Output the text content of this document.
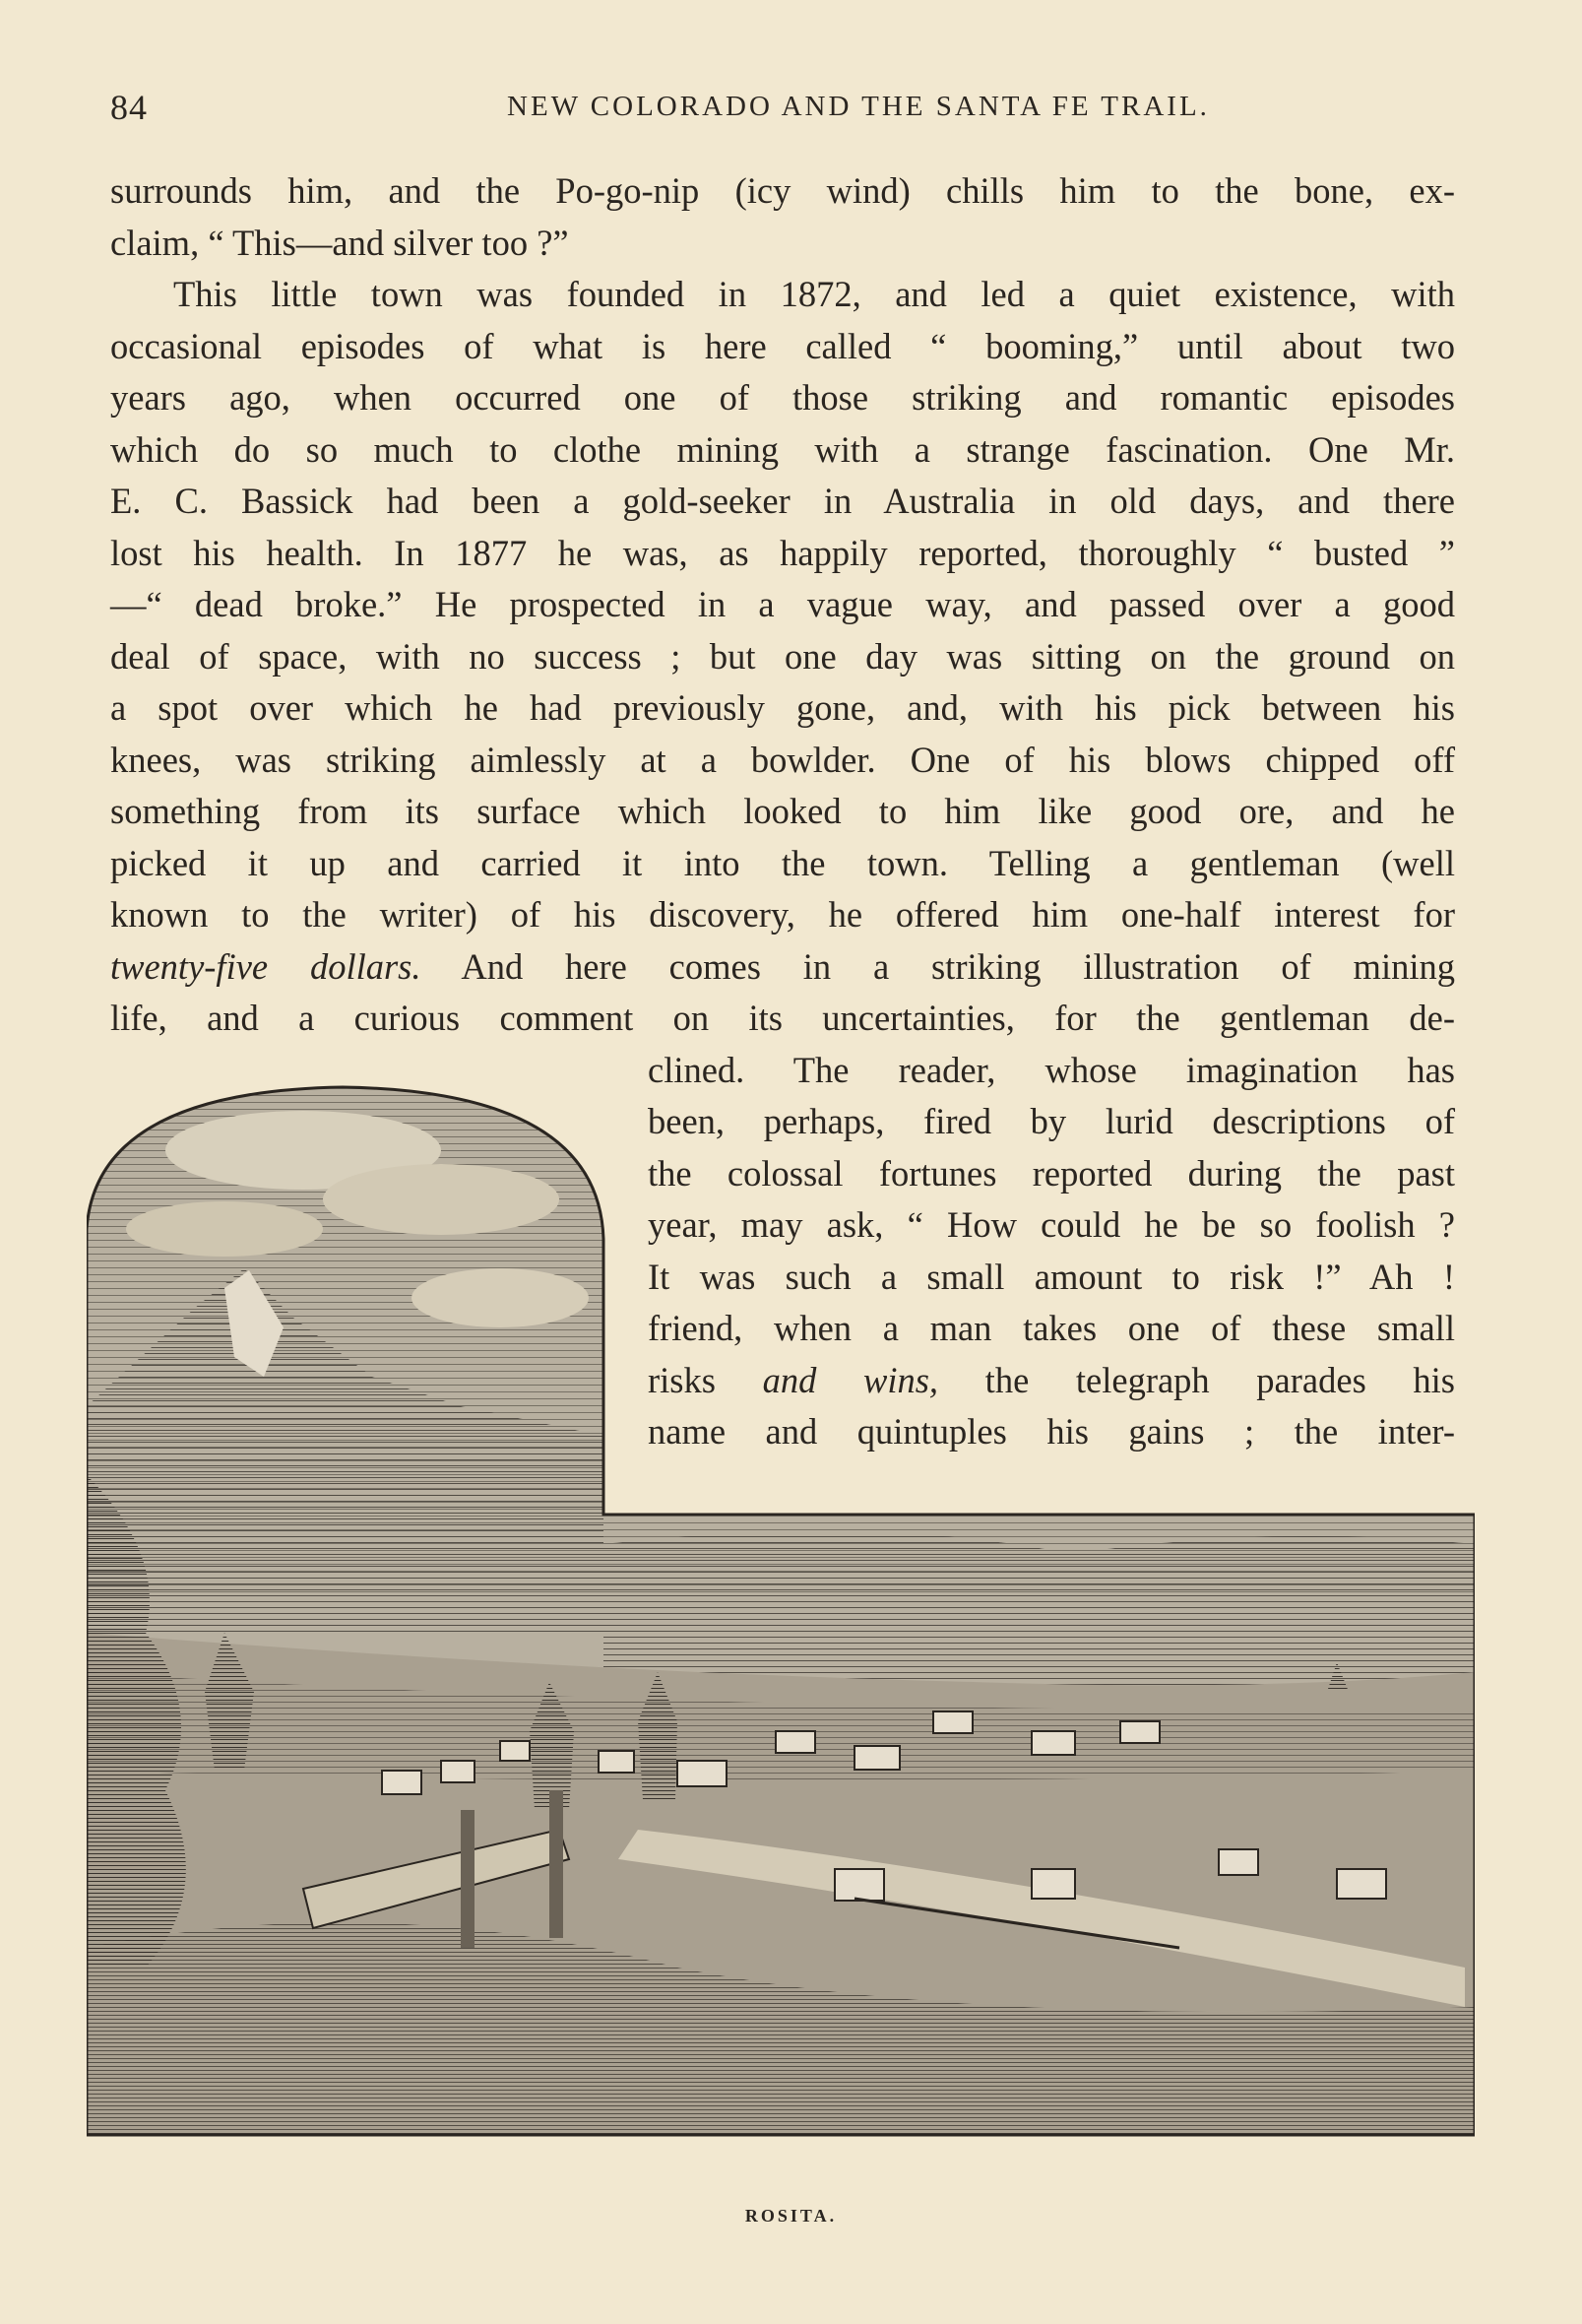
84	NEW COLORADO AND THE SANTA FE TRAIL.
surrounds him, and the Po-go-nip (icy wind) chills him to the bone, ex-
claim, “ This—and silver too ?”
This little town was founded in 1872, and led a quiet existence, with
occasional episodes of what is here called “ booming,” until about two
years ago, when occurred one of those striking and romantic episodes
which do so much to clothe mining with a strange fascination. One Mr.
E. C. Bassick had been a gold-seeker in Australia in old days, and there
lost his health. In 1877 he was, as happily reported, thoroughly “ busted ”
—“ dead broke.” He prospected in a vague way, and passed over a good
deal of space, with no success ; but one day was sitting on the ground on
a spot over which he had previously gone, and, with his pick between his
knees, was striking aimlessly at a bowlder. One of his blows chipped off
something from its surface which looked to him like good ore, and he
picked it up and carried it into the town. Telling a gentleman (well
known to the writer) of his discovery, he offered him one-half interest for
twenty-five dollars. And here comes in a striking illustration of mining
life, and a curious comment on its uncertainties, for the gentleman de-
clined. The reader, whose imagination has
been, perhaps, fired by lurid descriptions of
the colossal fortunes reported during the past
year, may ask, “ How could he be so foolish ?
It was such a small amount to risk !” Ah !
friend, when a man takes one of these small
risks and wins, the telegraph parades his
name and quintuples his gains ; the inter-
ROSITA.
